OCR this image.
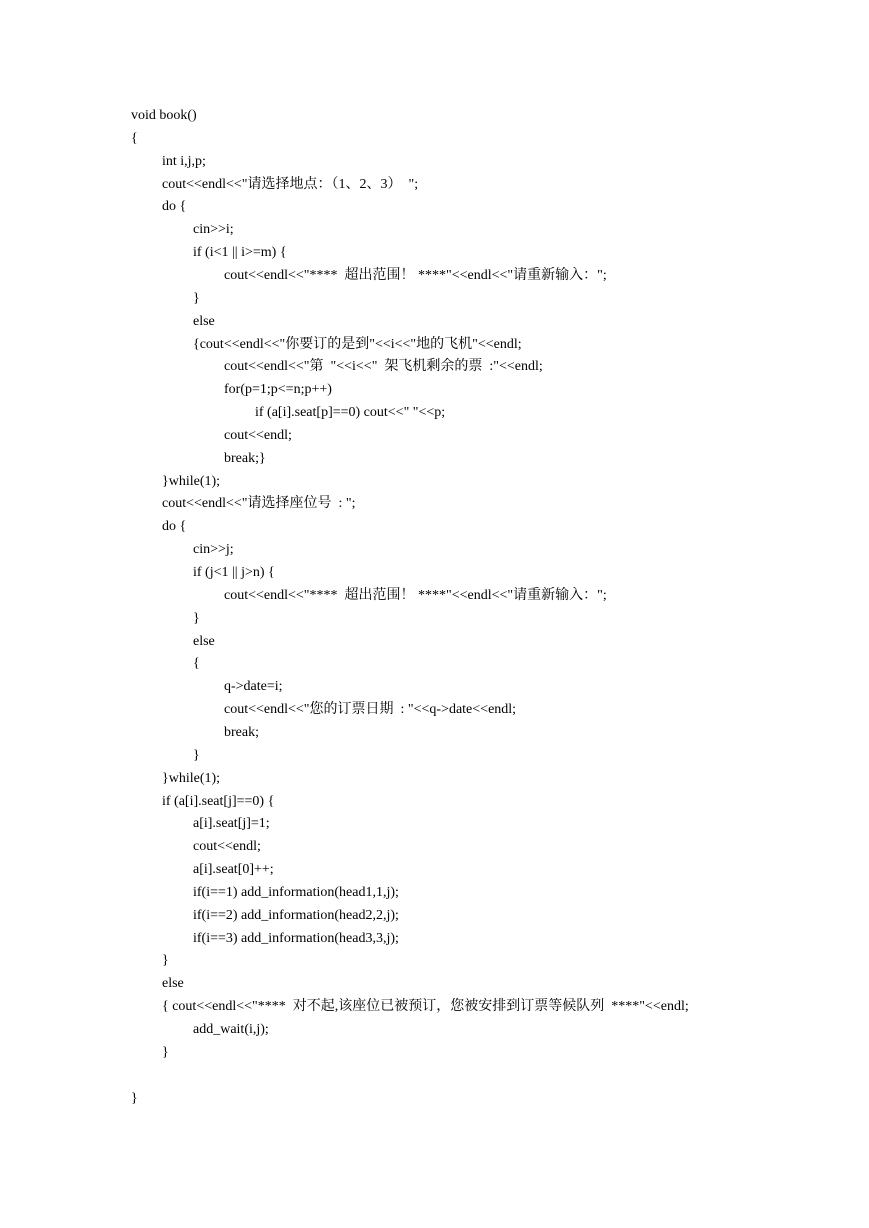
void book()
{
int i,j,p;
cout<<endl<<"请选择地点：（1、2、3）  ";
do {
cin>>i;
if (i<1 || i>=m) {
cout<<endl<<"****  超出范围！ ****"<<endl<<"请重新输入：";
}
else
{cout<<endl<<"你要订的是到"<<i<<"地的飞机"<<endl;
cout<<endl<<"第  "<<i<<"  架飞机剩余的票  :"<<endl;
for(p=1;p<=n;p++)
if (a[i].seat[p]==0) cout<<" "<<p;
cout<<endl;
break;}
}while(1);
cout<<endl<<"请选择座位号  : ";
do {
cin>>j;
if (j<1 || j>n) {
cout<<endl<<"****  超出范围！ ****"<<endl<<"请重新输入：";
}
else
{
q->date=i;
cout<<endl<<"您的订票日期  : "<<q->date<<endl;
break;
}
}while(1);
if (a[i].seat[j]==0) {
a[i].seat[j]=1;
cout<<endl;
a[i].seat[0]++;
if(i==1) add_information(head1,1,j);
if(i==2) add_information(head2,2,j);
if(i==3) add_information(head3,3,j);
}
else
{ cout<<endl<<"****  对不起,该座位已被预订，您被安排到订票等候队列  ****"<<endl;
add_wait(i,j);
}
}
